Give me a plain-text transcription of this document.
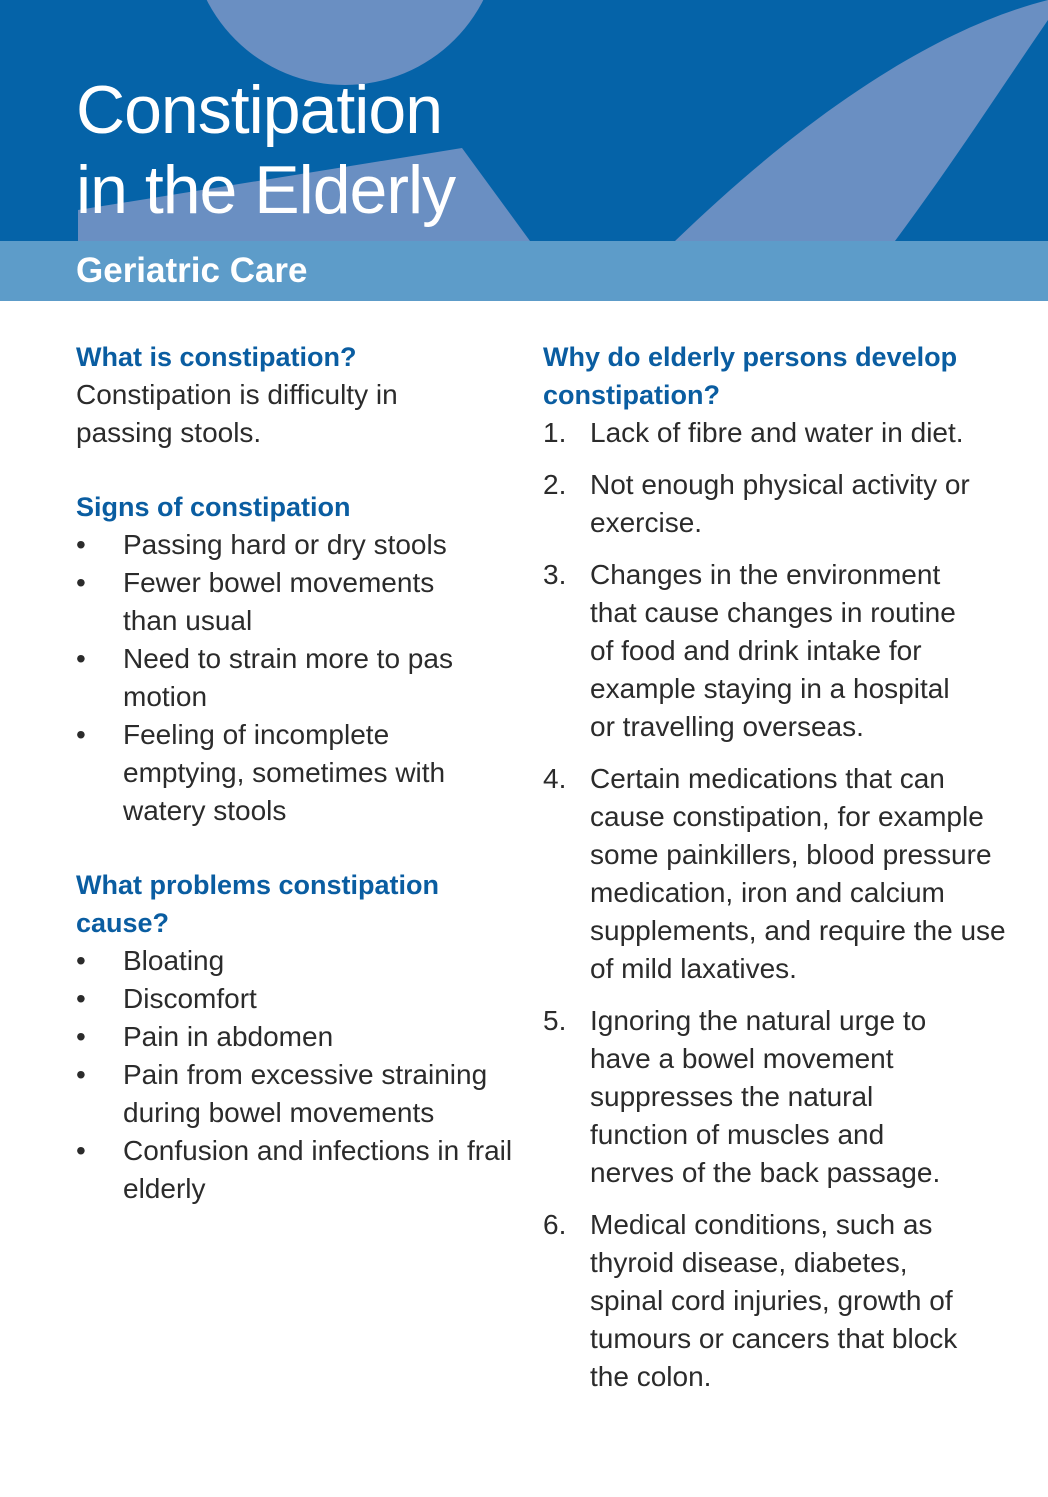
Constipation
in the Elderly
Geriatric Care
What is constipation?

Constipation is difficulty in passing stools.

Signs of constipation
•	Passing hard or dry stools
•	Fewer bowel movements than usual
•	Need to strain more to pas motion
•	Feeling of incomplete emptying, sometimes with watery stools
What problems constipation cause?
•	Bloating
•	Discomfort
•	Pain in abdomen
•	Pain from excessive straining during bowel movements
•	Confusion and infections in frail elderly
Why do elderly persons develop constipation?
1. Lack of fibre and water in diet.
2. Not enough physical activity or exercise.
3. Changes in the environment that cause changes in routine of food and drink intake for example staying in a hospital or travelling overseas.
4. Certain medications that can cause constipation, for example some painkillers, blood pressure medication, iron and calcium supplements, and require the use of mild laxatives.
5. Ignoring the natural urge to have a bowel movement suppresses the natural function of muscles and nerves of the back passage.
6. Medical conditions, such as thyroid disease, diabetes, spinal cord injuries, growth of tumours or cancers that block the colon.
